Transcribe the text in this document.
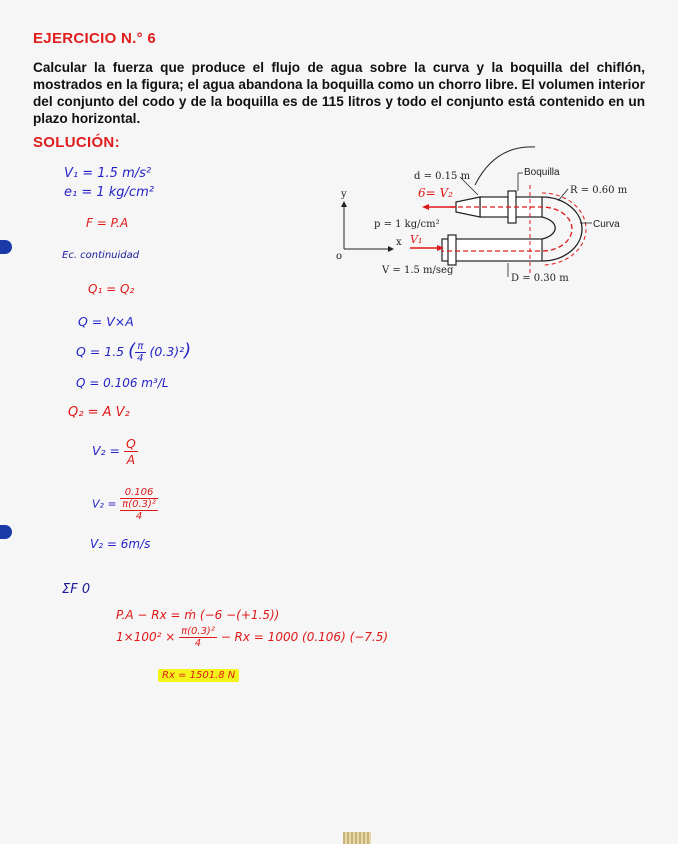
EJERCICIO N.° 6
Calcular la fuerza que produce el flujo de agua sobre la curva y la boquilla del chiflón, mostrados en la figura; el agua abandona la boquilla como un chorro libre. El volumen interior del conjunto del codo y de la boquilla es de 115 litros y todo el conjunto está contenido en un plazo horizontal.
SOLUCIÓN:
y
x
o
d = 0.15 m	Boquilla
R = 0.60 m
p = 1 kg/cm²	Curva
V = 1.5 m/seg
D = 0.30 m
6= V₂
V₁
V₁ = 1.5 m/s²
e₁ = 1 kg/cm²
F = P.A
Ec. continuidad
Q₁ = Q₂
Q = V×A
Q = 1.5 ( $\frac{\pi}{4} (0.3)^2$)
Q = 0.106 m³/L
Q₂ = A V₂
$V_2 = \frac{Q}{A}$
V₂ =
0.106
π(0.3)²
4
V₂ = 6m/s
ΣF 0
P.A − Rx = ṁ (−6 −(+1.5))
$1\times 100^2 \times \frac{\text{π(0.3)²}}{4} - Rx = 1000$ (0.106) (−7.5)
Rx = 1501.8 N
